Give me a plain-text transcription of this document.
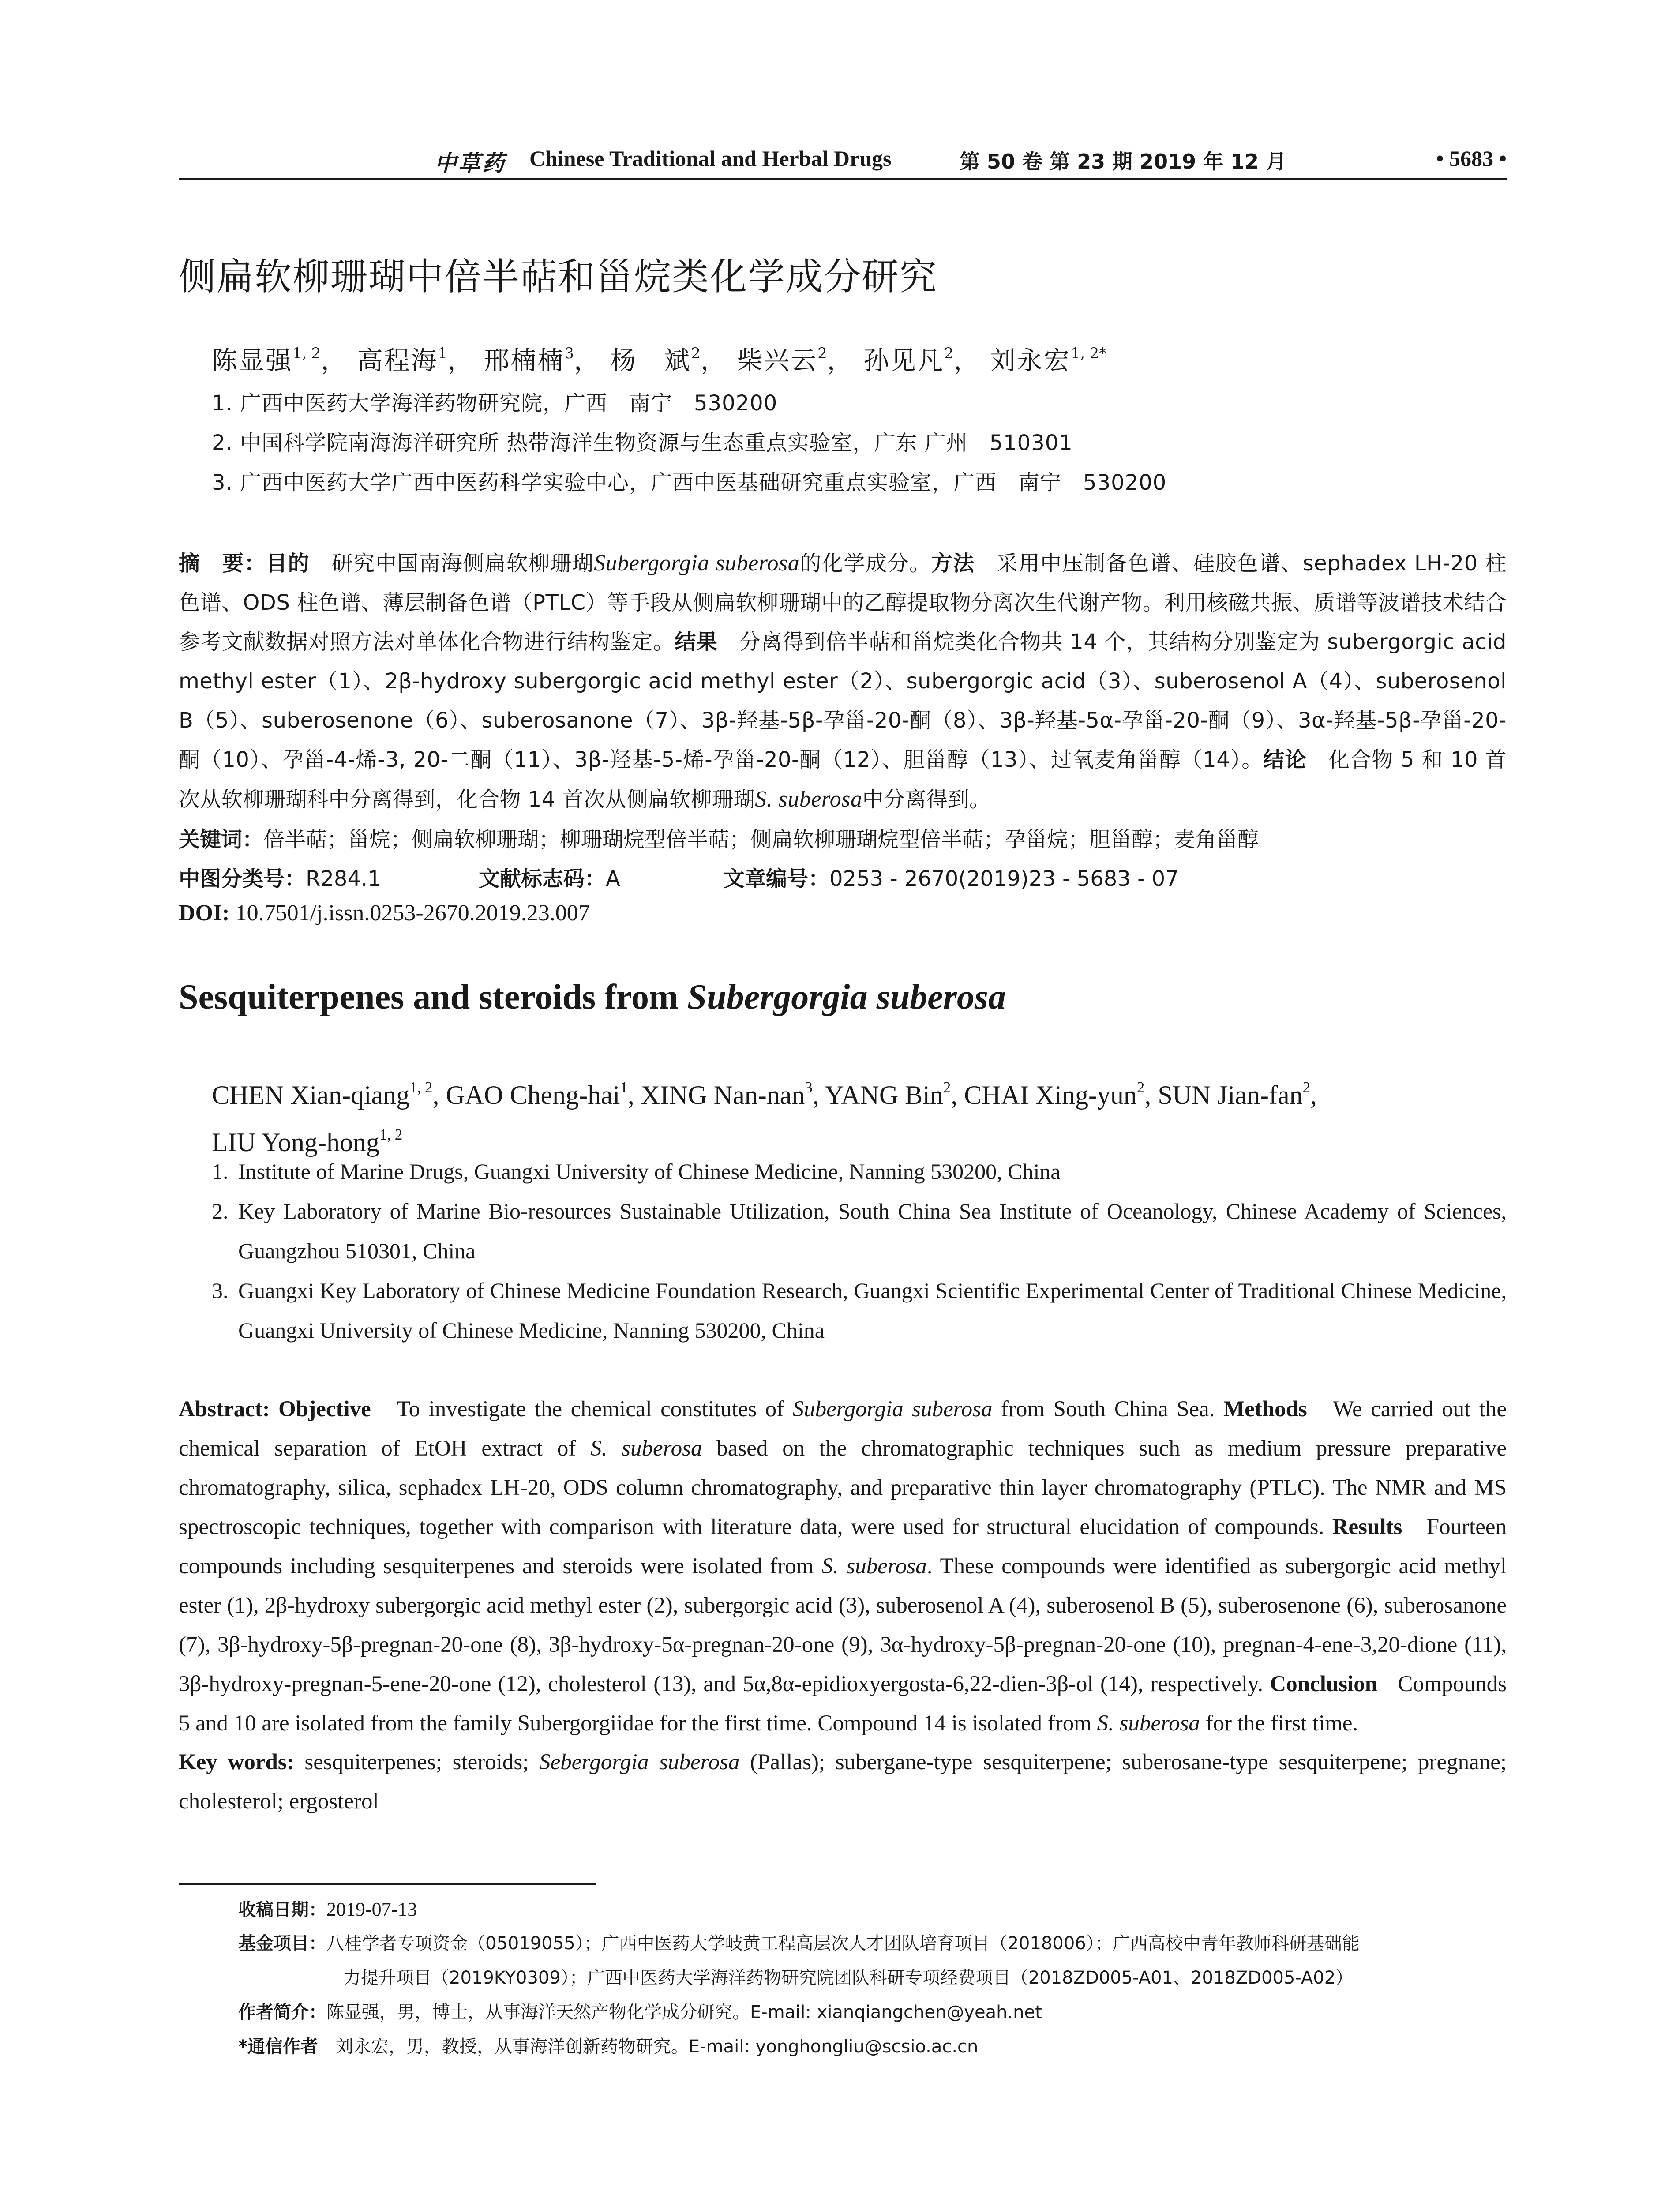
中草药 Chinese Traditional and Herbal Drugs	第 50 卷 第 23 期 2019 年 12 月	• 5683 •
侧扁软柳珊瑚中倍半萜和甾烷类化学成分研究
陈显强$^{1, 2}$， 高程海$^1$， 邢楠楠$^3$， 杨　斌$^2$， 柴兴云$^2$， 孙见凡$^2$， 刘永宏$^{1, 2*}$
1. 广西中医药大学海洋药物研究院，广西　南宁　530200
2. 中国科学院南海海洋研究所 热带海洋生物资源与生态重点实验室，广东 广州　510301
3. 广西中医药大学广西中医药科学实验中心，广西中医基础研究重点实验室，广西　南宁　530200
摘　要：目的　 研究中国南海侧扁软柳珊瑚Subergorgia suberosa的化学成分。方法　 采用中压制备色谱、硅胶色谱、sephadex LH-20 柱色谱、ODS 柱色谱、薄层制备色谱（PTLC）等手段从侧扁软柳珊瑚中的乙醇提取物分离次生代谢产物。利用核磁共振、质谱等波谱技术结合参考文献数据对照方法对单体化合物进行结构鉴定。结果　 分离得到倍半萜和甾烷类化合物共 14 个，其结构分别鉴定为 subergorgic acid methyl ester（1）、2β-hydroxy subergorgic acid methyl ester（2）、subergorgic acid（3）、suberosenol A（4）、suberosenol B（5）、suberosenone（6）、suberosanone（7）、3β-羟基-5β-孕甾-20-酮（8）、3β-羟基-5α-孕甾-20-酮（9）、3α-羟基-5β-孕甾-20-酮（10）、孕甾-4-烯-3, 20-二酮（11）、3β-羟基-5-烯-孕甾-20-酮（12）、胆甾醇（13）、过氧麦角甾醇（14）。结论　 化合物 5 和 10 首次从软柳珊瑚科中分离得到，化合物 14 首次从侧扁软柳珊瑚S. suberosa中分离得到。
关键词：倍半萜；甾烷；侧扁软柳珊瑚；柳珊瑚烷型倍半萜；侧扁软柳珊瑚烷型倍半萜；孕甾烷；胆甾醇；麦角甾醇
中图分类号：R284.1	文献标志码：A	文章编号：0253 - 2670(2019)23 - 5683 - 07
DOI: 10.7501/j.issn.0253-2670.2019.23.007
Sesquiterpenes and steroids from Subergorgia suberosa
CHEN Xian-qiang$^{1, 2}$, GAO Cheng-hai$^1$, XING Nan-nan$^3$, YANG Bin$^2$, CHAI Xing-yun$^2$, SUN Jian-fan$^2$,
LIU Yong-hong$^{1, 2}$
1. Institute of Marine Drugs, Guangxi University of Chinese Medicine, Nanning 530200, China
2. Key Laboratory of Marine Bio-resources Sustainable Utilization, South China Sea Institute of Oceanology, Chinese Academy of Sciences, Guangzhou 510301, China
3. Guangxi Key Laboratory of Chinese Medicine Foundation Research, Guangxi Scientific Experimental Center of Traditional Chinese Medicine, Guangxi University of Chinese Medicine, Nanning 530200, China
Abstract: Objective To investigate the chemical constitutes of Subergorgia suberosa from South China Sea. Methods We carried out the chemical separation of EtOH extract of S. suberosa based on the chromatographic techniques such as medium pressure preparative chromatography, silica, sephadex LH-20, ODS column chromatography, and preparative thin layer chromatography (PTLC). The NMR and MS spectroscopic techniques, together with comparison with literature data, were used for structural elucidation of compounds. Results Fourteen compounds including sesquiterpenes and steroids were isolated from S. suberosa. These compounds were identified as subergorgic acid methyl ester (1), 2β-hydroxy subergorgic acid methyl ester (2), subergorgic acid (3), suberosenol A (4), suberosenol B (5), suberosenone (6), suberosanone (7), 3β-hydroxy-5β-pregnan-20-one (8), 3β-hydroxy-5α-pregnan-20-one (9), 3α-hydroxy-5β-pregnan-20-one (10), pregnan-4-ene-3,20-dione (11), 3β-hydroxy-pregnan-5-ene-20-one (12), cholesterol (13), and 5α,8α-epidioxyergosta-6,22-dien-3β-ol (14), respectively. Conclusion Compounds 5 and 10 are isolated from the family Subergorgiidae for the first time. Compound 14 is isolated from S. suberosa for the first time.
Key words: sesquiterpenes; steroids; Sebergorgia suberosa (Pallas); subergane-type sesquiterpene; suberosane-type sesquiterpene; pregnane; cholesterol; ergosterol
收稿日期：2019-07-13
基金项目：八桂学者专项资金（05019055）；广西中医药大学岐黄工程高层次人才团队培育项目（2018006）；广西高校中青年教师科研基础能
力提升项目（2019KY0309）；广西中医药大学海洋药物研究院团队科研专项经费项目（2018ZD005-A01、2018ZD005-A02）
作者简介：陈显强，男，博士，从事海洋天然产物化学成分研究。E-mail: xianqiangchen@yeah.net
*通信作者　 刘永宏，男，教授，从事海洋创新药物研究。E-mail: yonghongliu@scsio.ac.cn
